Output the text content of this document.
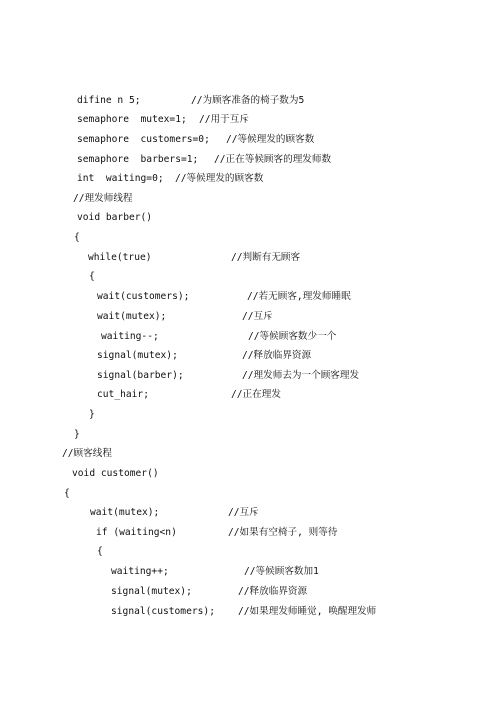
difine n 5;

	//为顾客准备的椅子数为5

semaphore  mutex=1;

//用于互斥

semaphore  customers=0;

//等候理发的顾客数

semaphore  barbers=1;

//正在等候顾客的理发师数

int  waiting=0;

//等候理发的顾客数

//理发师线程

void barber()

{

while(true)

	//判断有无顾客

{

wait(customers);

	//若无顾客,理发师睡眠

wait(mutex);

	//互斥

waiting--;

	//等候顾客数少一个

signal(mutex);

	//释放临界资源

signal(barber);

	//理发师去为一个顾客理发

cut_hair;

	//正在理发

}

}

//顾客线程

void customer()

{

wait(mutex);

	//互斥

if (waiting<n)

	//如果有空椅子, 则等待

{

waiting++;

	//等候顾客数加1

signal(mutex);

	//释放临界资源

signal(customers);

//如果理发师睡觉, 唤醒理发师
